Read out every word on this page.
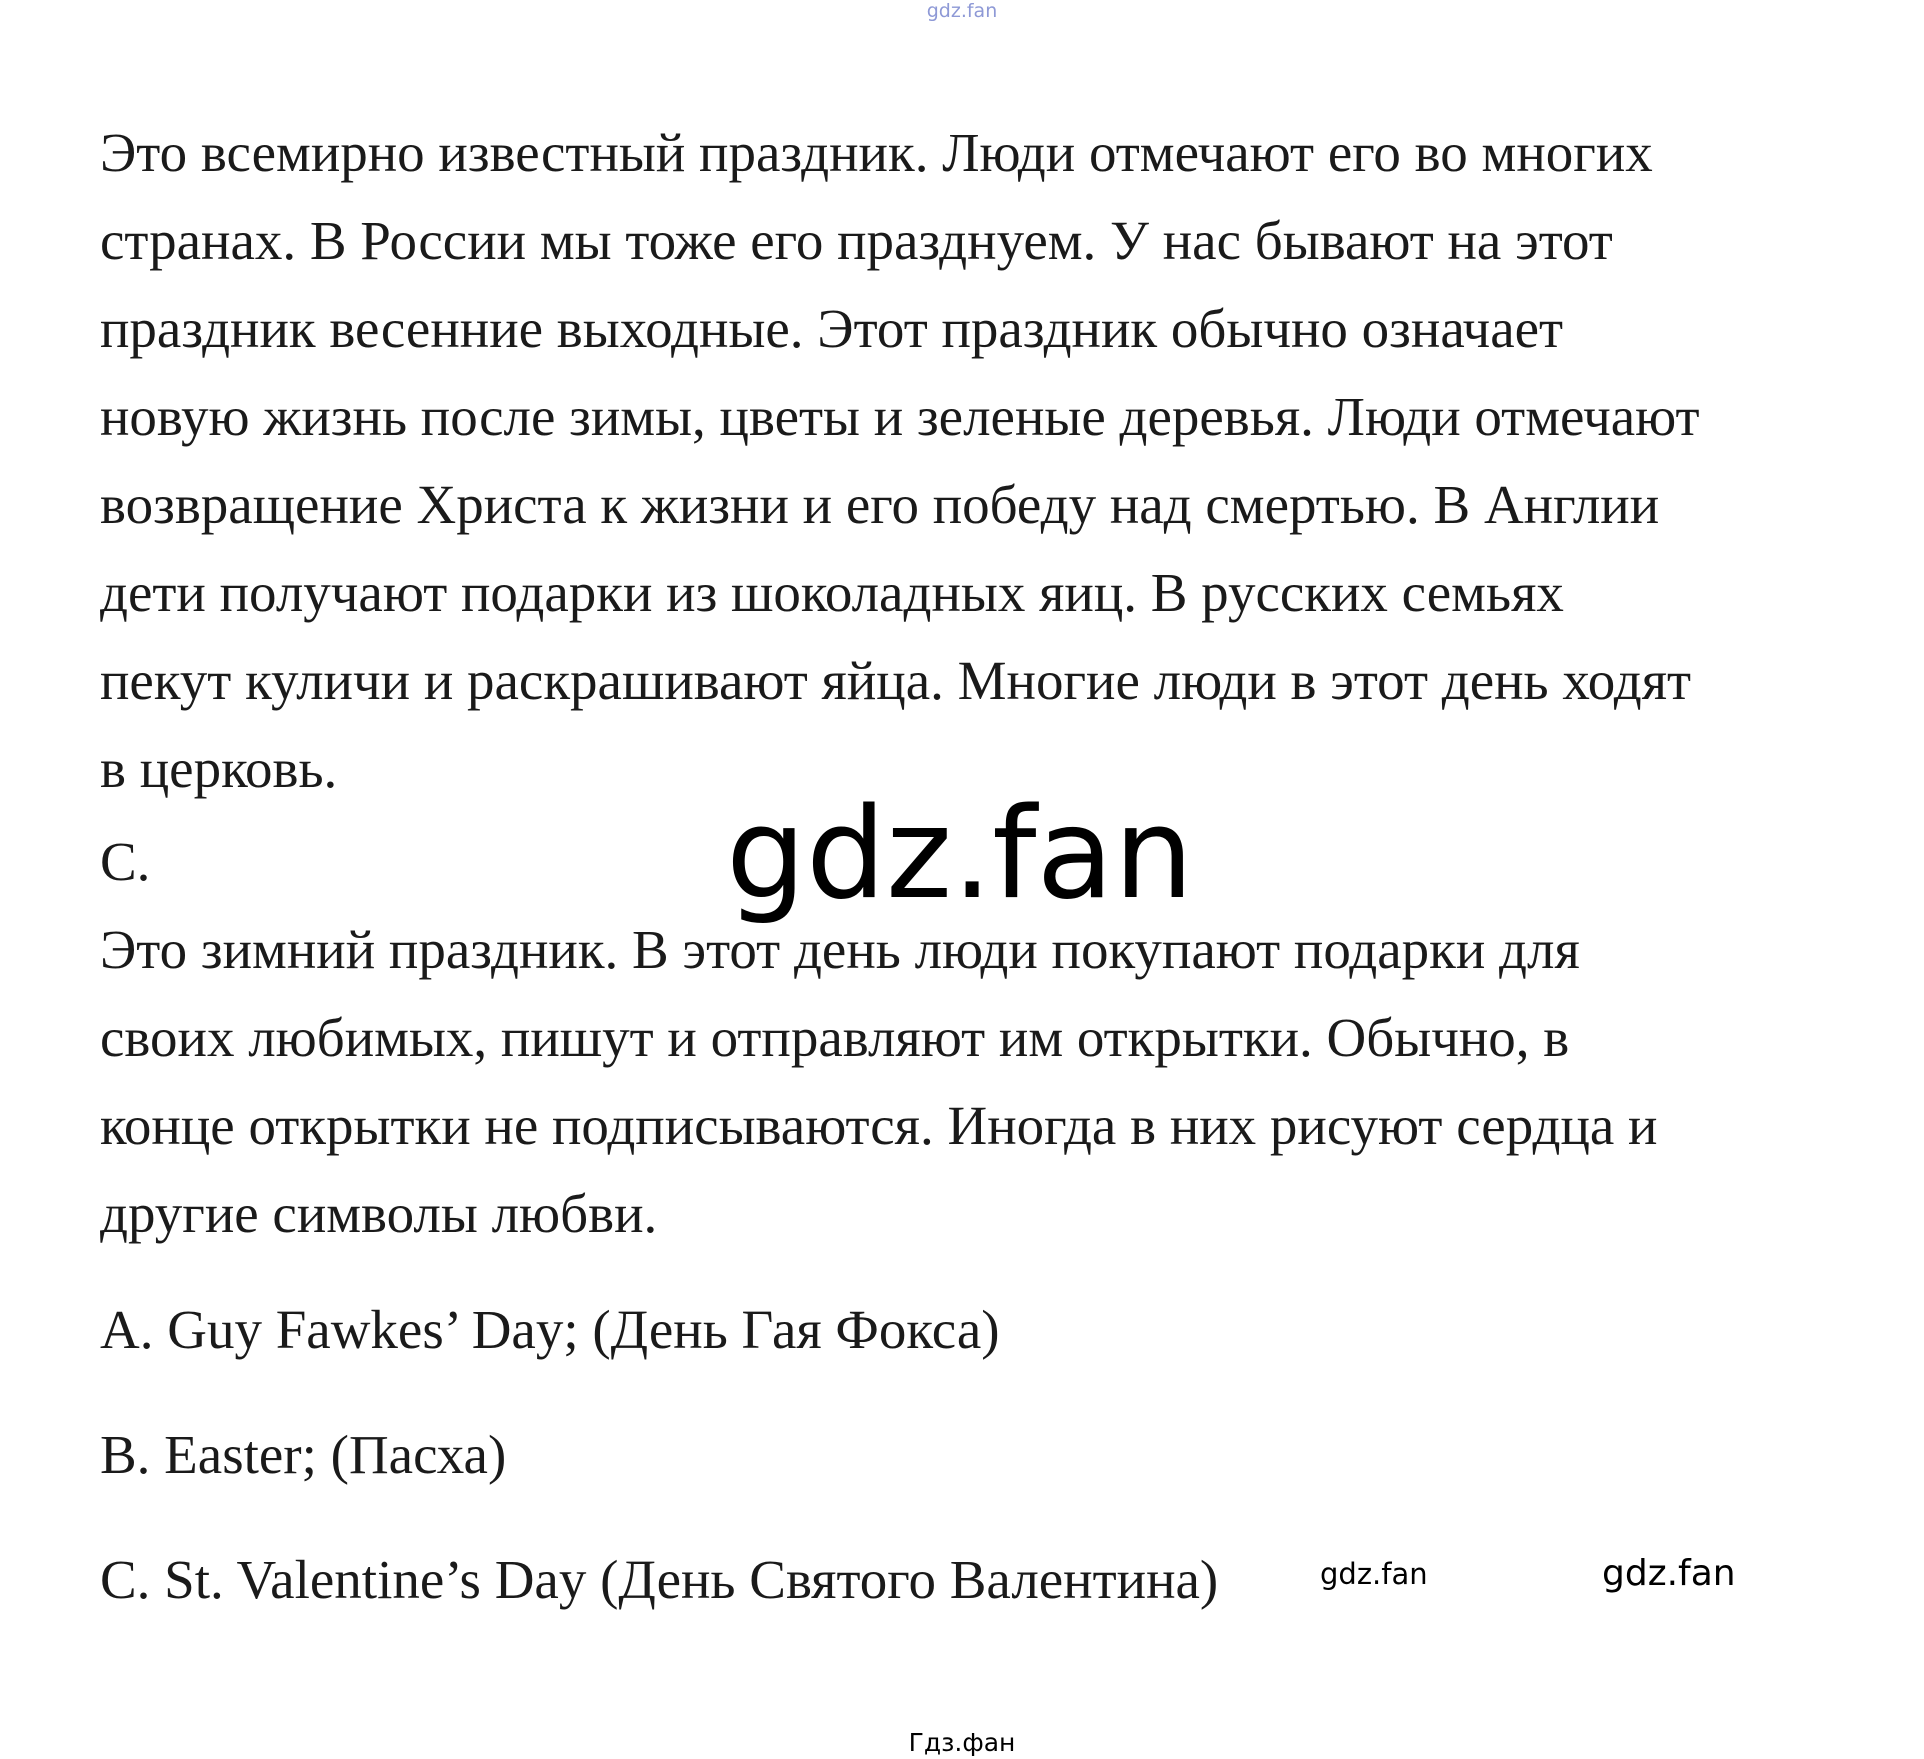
gdz.fan
Это всемирно известный праздник. Люди отмечают его во многих
странах. В России мы тоже его празднуем. У нас бывают на этот
праздник весенние выходные. Этот праздник обычно означает
новую жизнь после зимы, цветы и зеленые деревья. Люди отмечают
возвращение Христа к жизни и его победу над смертью. В Англии
дети получают подарки из шоколадных яиц. В русских семьях
пекут куличи и раскрашивают яйца. Многие люди в этот день ходят
в церковь.
С.
Это зимний праздник. В этот день люди покупают подарки для
своих любимых, пишут и отправляют им открытки. Обычно, в
конце открытки не подписываются. Иногда в них рисуют сердца и
другие символы любви.
A. Guy Fawkes’ Day; (День Гая Фокса)
B. Easter; (Пасха)
C. St. Valentine’s Day (День Святого Валентина)
gdz.fan
gdz.fan	gdz.fan
Гдз.фан
